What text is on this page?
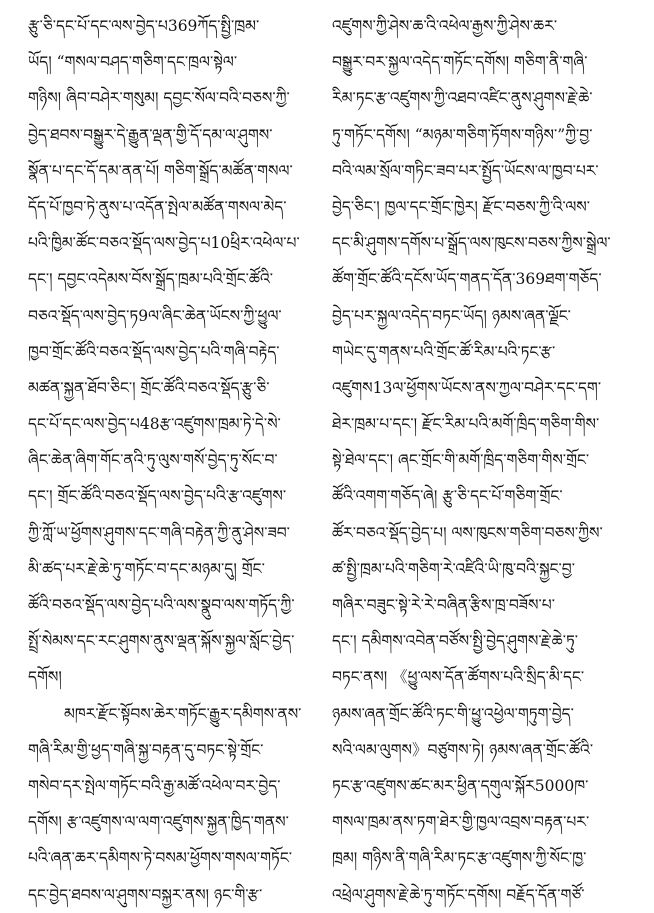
རྩུ་ཅི་དང་པོ་དང་ལས་བྱེད་པ369ཀོད་སྤྱི་ཁྲམ་
ཡོད། “གསལ་བཤད་གཅིག་དང་ཁྲལ་སྟེལ་
གཉིས། ཞིབ་བཤེར་གསུམ། དབྱང་སོལ་བའི་བཅས་ཀྱི་
བྱེད་ཐབས་བསྒྱུར་དེ་རྒྱུན་ལྡན་གྱི་དོ་དམ་ལ་ཤུགས་
སྣོན་པ་དང་དོ་དམ་ནན་པོ། གཅིག་སྒྲོད་མཚོན་གསལ་
དོད་པོ་ཁྱབ་ཏེ་ནུས་པ་འདོན་སྤེལ་མཚོན་གསལ་མེད་
པའི་ཁྱིམ་ཚོང་བཅའ་སྡོད་ལས་བྱེད་པ10ཕྲིར་འཕེལ་པ་
དང་། དབྱང་འདེམས་བོས་སྒྲོད་ཁྲམ་པའི་གྲོང་ཚོའི་
བཅའ་སྡོད་ལས་བྱེད་ཏ9ལ་ཞིང་ཆེན་ཡོངས་ཀྱི་ཕྱུལ་
ཁྱབ་གྲོང་ཚོའི་བཅའ་སྡོད་ལས་བྱེད་པའི་གཞི་བརྟེད་
མཚན་སྐྱན་ཐོབ་ཅིང་། གྲོང་ཚོའི་བཅའ་སྡོད་རྩུ་ཅི་
དང་པོ་དང་ལས་བྱེད་པ48རྩ་འཛུགས་ཁྲམ་ཏེ་དེ་སེ་
ཞིང་ཆེན་ཞིག་གོང་ནའི་ཏུ་ལུས་གསོ་བྱེད་ཏུ་སོང་བ་
དང་། གྲོང་ཚོའི་བཅའ་སྡོད་ལས་བྱེད་པའི་རྩ་འཛུགས་
ཀྱི་ཀློ་ཡ་ཕྱོགས་ཤུགས་དང་གཞི་བརྟེན་ཀྱི་ནུ་ཤེས་ཟབ་
མི་ཚད་པར་རྗེ་ཆེ་ཏུ་གཏོང་བ་དང་མཉམ་དུ། གྲོང་
ཚོའི་བཅའ་སྡོད་ལས་བྱེད་པའི་ལས་སྣུབ་ལས་གཏོད་ཀྱི་
སྤྲོ་སེམས་དང་རང་ཤུགས་ནུས་ལྡན་སྐོས་སྐྱལ་སློང་བྱེད་
དགོས།
མཁར་རྫོང་སྟོབས་ཆེར་གཏོང་རྒྱུར་དམིགས་ནས་
གཞི་རིམ་གྱི་ཕྱད་གཞི་སྐྱ་བརྟན་དུ་བཏང་སྟེ་གྲོང་
གསེབ་དར་སྤེལ་གཏོང་བའི་རྒྱ་མཚོ་འཕེལ་བར་བྱེད་
དགོས། རྩ་འཛུགས་ལ་ལག་འཛུགས་སྐྱན་ཁྱིད་གནས་
པའི་ཞན་ཆར་དམིགས་ཏེ་བསམ་ཕྱོགས་གསལ་གཏོང་
དང་བྱེད་ཐབས་ལ་ཤུགས་བསྐྱར་ནས། ཉང་གི་རྩ་
འཛུགས་ཀྱི་ཤེས་ཆ་འི་འཕེལ་རྒྱས་ཀྱི་ཤེས་ཆར་
བསྒྱུར་བར་སྐྱལ་འདེད་གཏོང་དགོས། གཅིག་ནི་གཞི་
རིམ་ཏང་རྩ་འཛུགས་ཀྱི་འཐབ་འཛིང་ནུས་ཤུགས་རྗེ་ཆེ་
ཏུ་གཏོང་དགོས། “མཉམ་གཅིག་ཏོགས་གཉིས་”ཀྱི་བྱ་
བའི་ལམ་སྲོལ་གཏིང་ཟབ་པར་སྤྱོད་ཡོངས་ལ་ཁྱབ་པར་
བྱེད་ཅིང་། ཁྱལ་དང་གྲོང་ཁྱེར། རྫོང་བཅས་ཀྱི་འི་ལས་
དང་མི་ཤུགས་དགོས་པ་སྒྲོད་ལས་ཁུངས་བཅས་ཀྱིས་སྒྲེལ་
ཚོག་གྲོང་ཚོའི་དངོས་ཡོད་གནད་དོན་369ཐག་གཅོད་
བྱེད་པར་སྐྱལ་འདེད་བཏང་ཡོད། ཉམས་ཞན་ལྗོང་
གཡེང་དུ་གནས་པའི་གྲོང་ཚོ་རིམ་པའི་ཏང་རྩ་
འཛུགས13ལ་ཕྱོགས་ཡོངས་ནས་ཀྱལ་བཤེར་དང་དག་
ཐེར་ཁྲམ་པ་དང་། རྫོང་རིམ་པའི་མགོ་ཁྲིད་གཅིག་གིས་
སྟེ་ཐེལ་དང་། ཞང་གྲོང་གི་མགོ་ཁྲིད་གཅིག་གིས་གྲོང་
ཚོའི་འགག་གཅོད་ཞེ། རྩུ་ཅི་དང་པོ་གཅིག་གྲོང་
ཚོར་བཅའ་སྡོད་བྱེད་པ། ལས་ཁུངས་གཅིག་བཅས་ཀྱིས་
ཚ་སྤྱི་ཁྲམ་པའི་གཅིག་རེ་འཛིའི་ཡི་ཁུ་བའི་སྐྱང་བྱ་
གཞིར་བཟུང་སྟེ་རེ་རེ་བཞིན་རྩིས་ཁྲ་བཟོས་པ་
དང་། དམིགས་འབེན་བཙོས་སྤྱི་བྱེད་ཤུགས་རྗེ་ཆེ་ཏུ་
བཏང་ནས། 《ཕྱུ་ལས་དོན་ཚོགས་པའི་སྲིད་མི་དང་
ཉམས་ཞན་གྲོང་ཚོའི་ཏང་གི་ཕྱུ་འཕྱེལ་གཏུག་བྱེད་
སའི་ལམ་ལུགས》བཙུགས་ཏེ། ཉམས་ཞན་གྲོང་ཚོའི་
ཏང་རྩ་འཛུགས་ཚང་མར་ཕྱིན་དགུལ་སྐོར5000ཁ་
གསལ་ཁྲམ་ནས་ཏག་ཐེར་གྱི་ཁྱལ་འབྲས་བརྟན་པར་
ཁྲམ། གཉིས་ནི་གཞི་རིམ་ཏང་རྩ་འཛུགས་ཀྱི་སོང་ཁྱ་
འཕྲེལ་ཤུགས་རྗེ་ཆེ་ཏུ་གཏོང་དགོས། བརྗོད་དོན་གཙོ་
